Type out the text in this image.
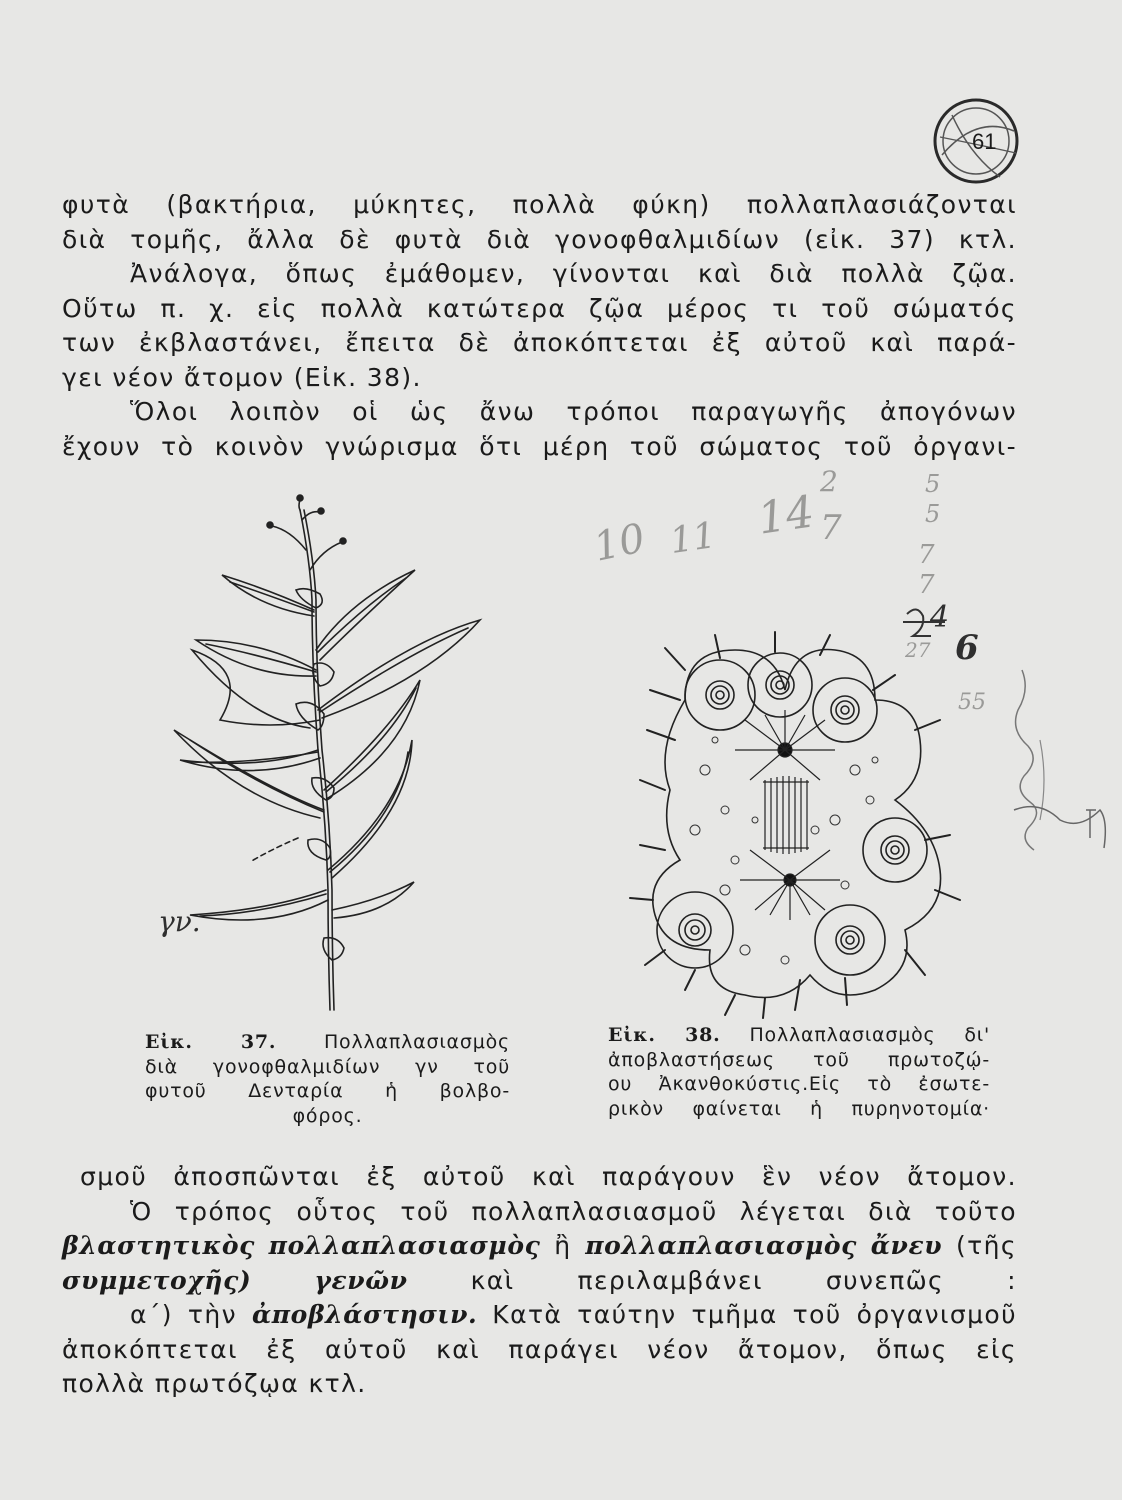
61
φυτὰ (βακτήρια, μύκητες, πολλὰ φύκη) πολλαπλασιάζονται
διὰ τομῆς, ἄλλα δὲ φυτὰ διὰ γονοφθαλμιδίων (εἰκ. 37) κτλ.
Ἀνάλογα, ὅπως ἐμάθομεν, γίνονται καὶ διὰ πολλὰ ζῷα.
Οὕτω π. χ. εἰς πολλὰ κατώτερα ζῷα μέρος τι τοῦ σώματός
των ἐκβλαστάνει, ἔπειτα δὲ ἀποκόπτεται ἐξ αὐτοῦ καὶ παρά-
γει νέον ἄτομον (Εἰκ. 38).
Ὅλοι λοιπὸν οἱ ὡς ἄνω τρόποι παραγωγῆς ἀπογόνων
ἔχουν τὸ κοινὸν γνώρισμα ὅτι μέρη τοῦ σώματος τοῦ ὀργανι-
10 11 14
2
7
5
5
7
7
4
6
27
55
γν.
Εἰκ. 37.	Πολλαπλασιασμὸς
διὰ γονοφθαλμιδίων γν τοῦ
φυτοῦ Δενταρία ἡ βολβο-
φόρος.
Εἰκ. 38. Πολλαπλασιασμὸς δι'
ἀποβλαστήσεως τοῦ πρωτοζῴ-
ου Ἀκανθοκύστις.Εἰς τὸ ἐσωτε-
ρικὸν φαίνεται ἡ πυρηνοτομία·
σμοῦ ἀποσπῶνται ἐξ αὐτοῦ καὶ παράγουν ἓν νέον ἄτομον.
Ὁ τρόπος οὗτος τοῦ πολλαπλασιασμοῦ λέγεται διὰ τοῦτο
βλαστητικὸς πολλαπλασιασμὸς ἢ πολλαπλασιασμὸς ἄνευ (τῆς
συμμετοχῆς) γενῶν	καὶ περιλαμβάνει συνεπῶς :
α΄) τὴν ἀποβλάστησιν. Κατὰ ταύτην τμῆμα τοῦ ὀργανισμοῦ
ἀποκόπτεται ἐξ αὐτοῦ καὶ παράγει νέον ἄτομον, ὅπως εἰς
πολλὰ πρωτόζῳα κτλ.
